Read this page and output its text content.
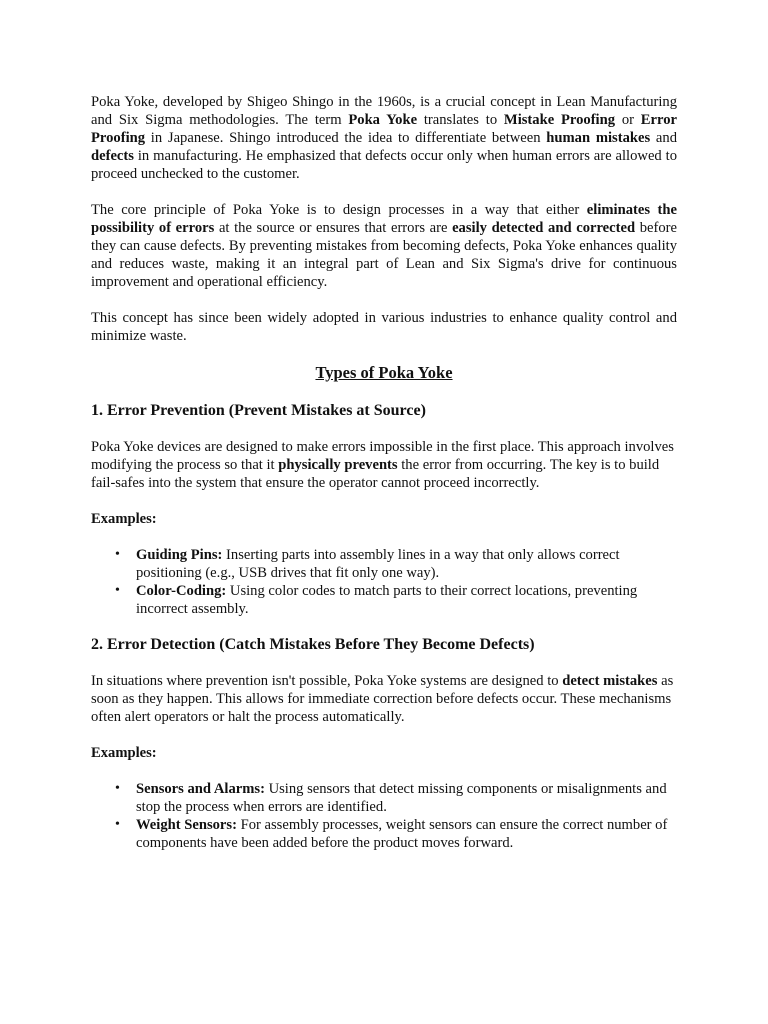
Poka Yoke, developed by Shigeo Shingo in the 1960s, is a crucial concept in Lean Manufacturing and Six Sigma methodologies. The term Poka Yoke translates to Mistake Proofing or Error Proofing in Japanese. Shingo introduced the idea to differentiate between human mistakes and defects in manufacturing. He emphasized that defects occur only when human errors are allowed to proceed unchecked to the customer.

The core principle of Poka Yoke is to design processes in a way that either eliminates the possibility of errors at the source or ensures that errors are easily detected and corrected before they can cause defects. By preventing mistakes from becoming defects, Poka Yoke enhances quality and reduces waste, making it an integral part of Lean and Six Sigma's drive for continuous improvement and operational efficiency.

This concept has since been widely adopted in various industries to enhance quality control and minimize waste.

Types of Poka Yoke
1. Error Prevention (Prevent Mistakes at Source)

Poka Yoke devices are designed to make errors impossible in the first place. This approach involves modifying the process so that it physically prevents the error from occurring. The key is to build fail-safes into the system that ensure the operator cannot proceed incorrectly.

Examples:

• Guiding Pins: Inserting parts into assembly lines in a way that only allows correct positioning (e.g., USB drives that fit only one way).
• Color-Coding: Using color codes to match parts to their correct locations, preventing incorrect assembly.
2. Error Detection (Catch Mistakes Before They Become Defects)

In situations where prevention isn't possible, Poka Yoke systems are designed to detect mistakes as soon as they happen. This allows for immediate correction before defects occur. These mechanisms often alert operators or halt the process automatically.

Examples:

• Sensors and Alarms: Using sensors that detect missing components or misalignments and stop the process when errors are identified.
• Weight Sensors: For assembly processes, weight sensors can ensure the correct number of components have been added before the product moves forward.
